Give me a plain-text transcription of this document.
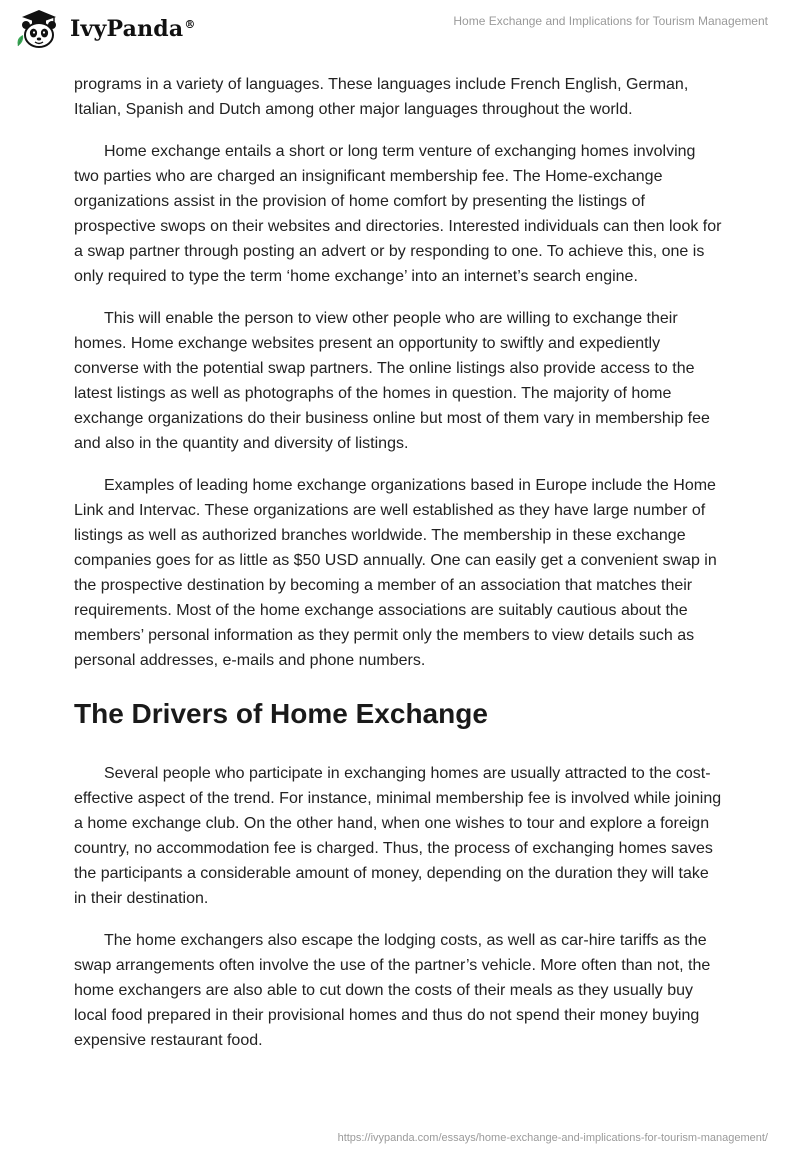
IvyPanda®	Home Exchange and Implications for Tourism Management

programs in a variety of languages. These languages include French English, German, Italian, Spanish and Dutch among other major languages throughout the world.

Home exchange entails a short or long term venture of exchanging homes involving two parties who are charged an insignificant membership fee. The Home-exchange organizations assist in the provision of home comfort by presenting the listings of prospective swops on their websites and directories. Interested individuals can then look for a swap partner through posting an advert or by responding to one. To achieve this, one is only required to type the term ‘home exchange’ into an internet’s search engine.

This will enable the person to view other people who are willing to exchange their homes. Home exchange websites present an opportunity to swiftly and expediently converse with the potential swap partners. The online listings also provide access to the latest listings as well as photographs of the homes in question. The majority of home exchange organizations do their business online but most of them vary in membership fee and also in the quantity and diversity of listings.

Examples of leading home exchange organizations based in Europe include the Home Link and Intervac. These organizations are well established as they have large number of listings as well as authorized branches worldwide. The membership in these exchange companies goes for as little as $50 USD annually. One can easily get a convenient swap in the prospective destination by becoming a member of an association that matches their requirements. Most of the home exchange associations are suitably cautious about the members’ personal information as they permit only the members to view details such as personal addresses, e-mails and phone numbers.

The Drivers of Home Exchange

Several people who participate in exchanging homes are usually attracted to the cost-effective aspect of the trend. For instance, minimal membership fee is involved while joining a home exchange club. On the other hand, when one wishes to tour and explore a foreign country, no accommodation fee is charged. Thus, the process of exchanging homes saves the participants a considerable amount of money, depending on the duration they will take in their destination.

The home exchangers also escape the lodging costs, as well as car-hire tariffs as the swap arrangements often involve the use of the partner’s vehicle. More often than not, the home exchangers are also able to cut down the costs of their meals as they usually buy local food prepared in their provisional homes and thus do not spend their money buying expensive restaurant food.

https://ivypanda.com/essays/home-exchange-and-implications-for-tourism-management/
